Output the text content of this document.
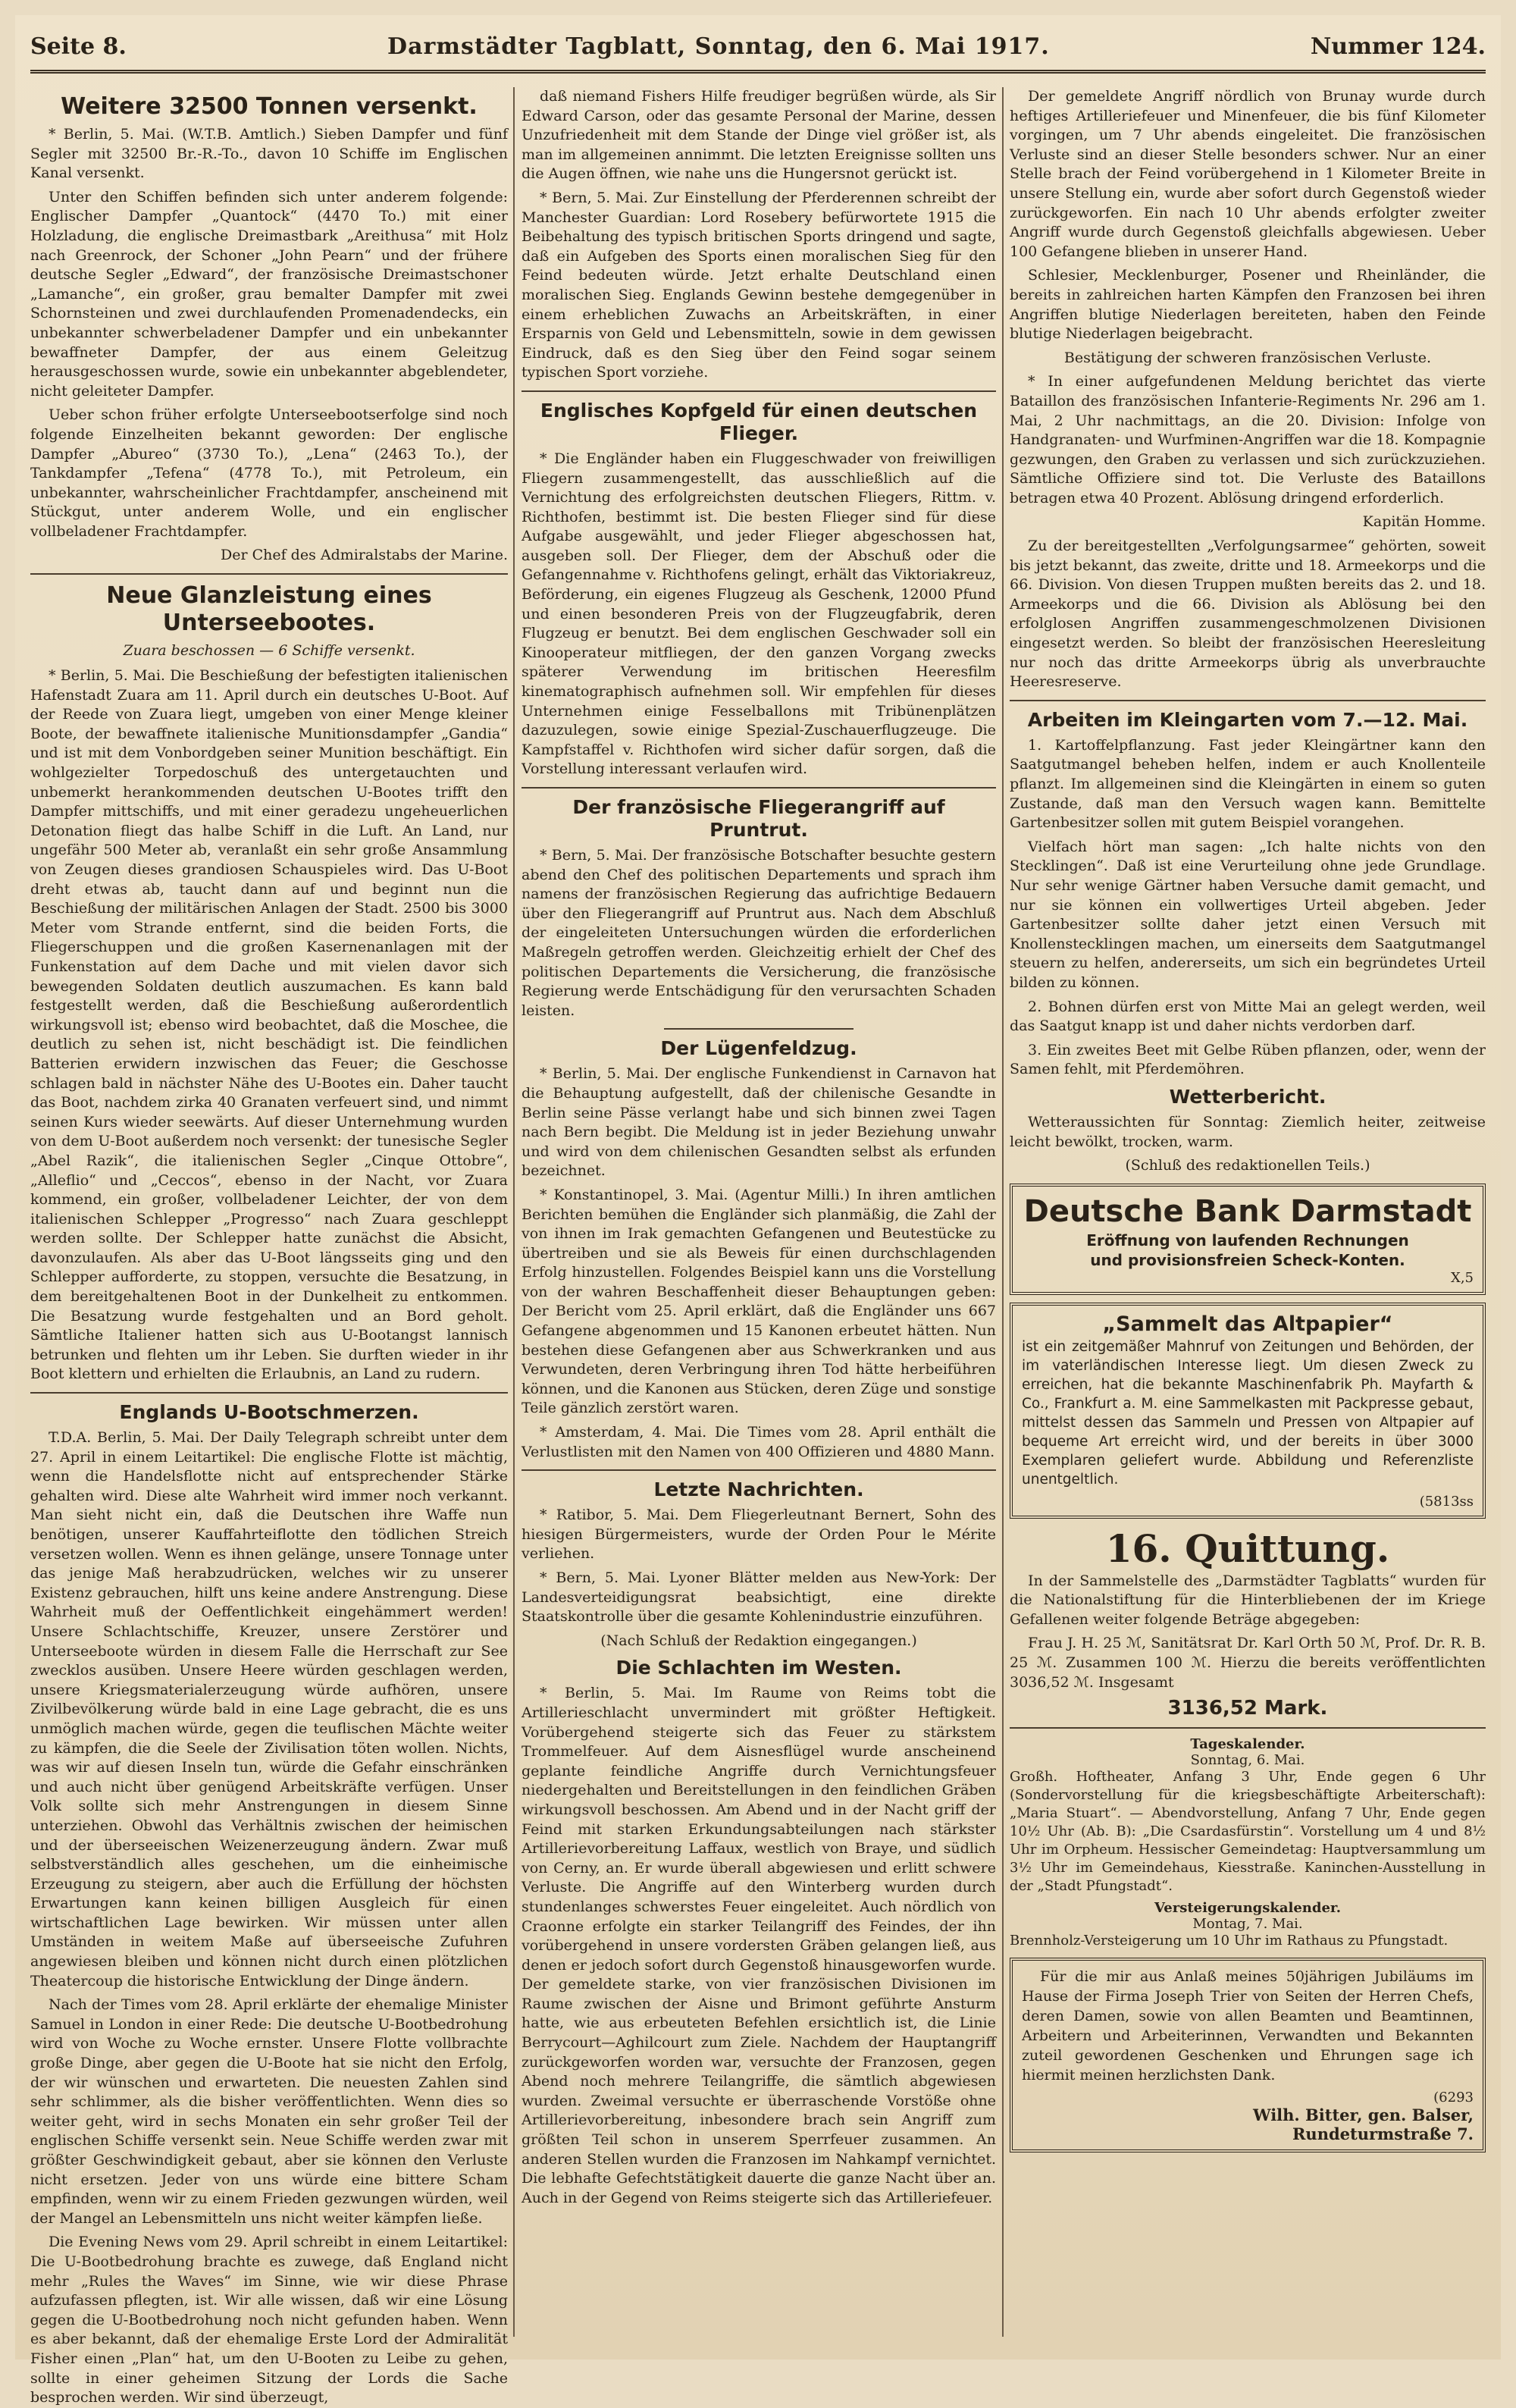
Seite 8.	Darmstädter Tagblatt, Sonntag, den 6. Mai 1917.	Nummer 124.
Weitere 32500 Tonnen versenkt.

* Berlin, 5. Mai. (W.T.B. Amtlich.) Sieben Dampfer und fünf Segler mit 32500 Br.-R.-To., davon 10 Schiffe im Englischen Kanal versenkt.

Unter den Schiffen befinden sich unter anderem folgende: Englischer Dampfer „Quantock“ (4470 To.) mit einer Holzladung, die englische Dreimastbark „Areithusa“ mit Holz nach Greenrock, der Schoner „John Pearn“ und der frühere deutsche Segler „Edward“, der französische Dreimastschoner „Lamanche“, ein großer, grau bemalter Dampfer mit zwei Schornsteinen und zwei durchlaufenden Promenadendecks, ein unbekannter schwerbeladener Dampfer und ein unbekannter bewaffneter Dampfer, der aus einem Geleitzug herausgeschossen wurde, sowie ein unbekannter abgeblendeter, nicht geleiteter Dampfer.

Ueber schon früher erfolgte Unterseebootserfolge sind noch folgende Einzelheiten bekannt geworden: Der englische Dampfer „Abureo“ (3730 To.), „Lena“ (2463 To.), der Tankdampfer „Tefena“ (4778 To.), mit Petroleum, ein unbekannter, wahrscheinlicher Frachtdampfer, anscheinend mit Stückgut, unter anderem Wolle, und ein englischer vollbeladener Frachtdampfer.

Der Chef des Admiralstabs der Marine.

Neue Glanzleistung eines Unterseebootes.
Zuara beschossen — 6 Schiffe versenkt.

* Berlin, 5. Mai. Die Beschießung der befestigten italienischen Hafenstadt Zuara am 11. April durch ein deutsches U-Boot. Auf der Reede von Zuara liegt, umgeben von einer Menge kleiner Boote, der bewaffnete italienische Munitionsdampfer „Gandia“ und ist mit dem Vonbordgeben seiner Munition beschäftigt. Ein wohlgezielter Torpedoschuß des untergetauchten und unbemerkt herankommenden deutschen U-Bootes trifft den Dampfer mittschiffs, und mit einer geradezu ungeheuerlichen Detonation fliegt das halbe Schiff in die Luft. An Land, nur ungefähr 500 Meter ab, veranlaßt ein sehr große Ansammlung von Zeugen dieses grandiosen Schauspieles wird. Das U-Boot dreht etwas ab, taucht dann auf und beginnt nun die Beschießung der militärischen Anlagen der Stadt. 2500 bis 3000 Meter vom Strande entfernt, sind die beiden Forts, die Fliegerschuppen und die großen Kasernenanlagen mit der Funkenstation auf dem Dache und mit vielen davor sich bewegenden Soldaten deutlich auszumachen. Es kann bald festgestellt werden, daß die Beschießung außerordentlich wirkungsvoll ist; ebenso wird beobachtet, daß die Moschee, die deutlich zu sehen ist, nicht beschädigt ist. Die feindlichen Batterien erwidern inzwischen das Feuer; die Geschosse schlagen bald in nächster Nähe des U-Bootes ein. Daher taucht das Boot, nachdem zirka 40 Granaten verfeuert sind, und nimmt seinen Kurs wieder seewärts. Auf dieser Unternehmung wurden von dem U-Boot außerdem noch versenkt: der tunesische Segler „Abel Razik“, die italienischen Segler „Cinque Ottobre“, „Alleflio“ und „Ceccos“, ebenso in der Nacht, vor Zuara kommend, ein großer, vollbeladener Leichter, der von dem italienischen Schlepper „Progresso“ nach Zuara geschleppt werden sollte. Der Schlepper hatte zunächst die Absicht, davonzulaufen. Als aber das U-Boot längsseits ging und den Schlepper aufforderte, zu stoppen, versuchte die Besatzung, in dem bereitgehaltenen Boot in der Dunkelheit zu entkommen. Die Besatzung wurde festgehalten und an Bord geholt. Sämtliche Italiener hatten sich aus U-Bootangst lannisch betrunken und flehten um ihr Leben. Sie durften wieder in ihr Boot klettern und erhielten die Erlaubnis, an Land zu rudern.

Englands U-Bootschmerzen.

T.D.A. Berlin, 5. Mai. Der Daily Telegraph schreibt unter dem 27. April in einem Leitartikel: Die englische Flotte ist mächtig, wenn die Handelsflotte nicht auf entsprechender Stärke gehalten wird. Diese alte Wahrheit wird immer noch verkannt. Man sieht nicht ein, daß die Deutschen ihre Waffe nun benötigen, unserer Kauffahrteiflotte den tödlichen Streich versetzen wollen. Wenn es ihnen gelänge, unsere Tonnage unter das jenige Maß herabzudrücken, welches wir zu unserer Existenz gebrauchen, hilft uns keine andere Anstrengung. Diese Wahrheit muß der Oeffentlichkeit eingehämmert werden! Unsere Schlachtschiffe, Kreuzer, unsere Zerstörer und Unterseeboote würden in diesem Falle die Herrschaft zur See zwecklos ausüben. Unsere Heere würden geschlagen werden, unsere Kriegsmaterialerzeugung würde aufhören, unsere Zivilbevölkerung würde bald in eine Lage gebracht, die es uns unmöglich machen würde, gegen die teuflischen Mächte weiter zu kämpfen, die die Seele der Zivilisation töten wollen. Nichts, was wir auf diesen Inseln tun, würde die Gefahr einschränken und auch nicht über genügend Arbeitskräfte verfügen. Unser Volk sollte sich mehr Anstrengungen in diesem Sinne unterziehen. Obwohl das Verhältnis zwischen der heimischen und der überseeischen Weizenerzeugung ändern. Zwar muß selbstverständlich alles geschehen, um die einheimische Erzeugung zu steigern, aber auch die Erfüllung der höchsten Erwartungen kann keinen billigen Ausgleich für einen wirtschaftlichen Lage bewirken. Wir müssen unter allen Umständen in weitem Maße auf überseeische Zufuhren angewiesen bleiben und können nicht durch einen plötzlichen Theatercoup die historische Entwicklung der Dinge ändern.

Nach der Times vom 28. April erklärte der ehemalige Minister Samuel in London in einer Rede: Die deutsche U-Bootbedrohung wird von Woche zu Woche ernster. Unsere Flotte vollbrachte große Dinge, aber gegen die U-Boote hat sie nicht den Erfolg, der wir wünschen und erwarteten. Die neuesten Zahlen sind sehr schlimmer, als die bisher veröffentlichten. Wenn dies so weiter geht, wird in sechs Monaten ein sehr großer Teil der englischen Schiffe versenkt sein. Neue Schiffe werden zwar mit größter Geschwindigkeit gebaut, aber sie können den Verluste nicht ersetzen. Jeder von uns würde eine bittere Scham empfinden, wenn wir zu einem Frieden gezwungen würden, weil der Mangel an Lebensmitteln uns nicht weiter kämpfen ließe.

Die Evening News vom 29. April schreibt in einem Leitartikel: Die U-Bootbedrohung brachte es zuwege, daß England nicht mehr „Rules the Waves“ im Sinne, wie wir diese Phrase aufzufassen pflegten, ist. Wir alle wissen, daß wir eine Lösung gegen die U-Bootbedrohung noch nicht gefunden haben. Wenn es aber bekannt, daß der ehemalige Erste Lord der Admiralität Fisher einen „Plan“ hat, um den U-Booten zu Leibe zu gehen, sollte in einer geheimen Sitzung der Lords die Sache besprochen werden. Wir sind überzeugt,

daß niemand Fishers Hilfe freudiger begrüßen würde, als Sir Edward Carson, oder das gesamte Personal der Marine, dessen Unzufriedenheit mit dem Stande der Dinge viel größer ist, als man im allgemeinen annimmt. Die letzten Ereignisse sollten uns die Augen öffnen, wie nahe uns die Hungersnot gerückt ist.

* Bern, 5. Mai. Zur Einstellung der Pferderennen schreibt der Manchester Guardian: Lord Rosebery befürwortete 1915 die Beibehaltung des typisch britischen Sports dringend und sagte, daß ein Aufgeben des Sports einen moralischen Sieg für den Feind bedeuten würde. Jetzt erhalte Deutschland einen moralischen Sieg. Englands Gewinn bestehe demgegenüber in einem erheblichen Zuwachs an Arbeitskräften, in einer Ersparnis von Geld und Lebensmitteln, sowie in dem gewissen Eindruck, daß es den Sieg über den Feind sogar seinem typischen Sport vorziehe.

Englisches Kopfgeld für einen deutschen Flieger.

* Die Engländer haben ein Fluggeschwader von freiwilligen Fliegern zusammengestellt, das ausschließlich auf die Vernichtung des erfolgreichsten deutschen Fliegers, Rittm. v. Richthofen, bestimmt ist. Die besten Flieger sind für diese Aufgabe ausgewählt, und jeder Flieger abgeschossen hat, ausgeben soll. Der Flieger, dem der Abschuß oder die Gefangennahme v. Richthofens gelingt, erhält das Viktoriakreuz, Beförderung, ein eigenes Flugzeug als Geschenk, 12000 Pfund und einen besonderen Preis von der Flugzeugfabrik, deren Flugzeug er benutzt. Bei dem englischen Geschwader soll ein Kinooperateur mitfliegen, der den ganzen Vorgang zwecks späterer Verwendung im britischen Heeresfilm kinematographisch aufnehmen soll. Wir empfehlen für dieses Unternehmen einige Fesselballons mit Tribünenplätzen dazuzulegen, sowie einige Spezial-Zuschauerflugzeuge. Die Kampfstaffel v. Richthofen wird sicher dafür sorgen, daß die Vorstellung interessant verlaufen wird.

Der französische Fliegerangriff auf Pruntrut.

* Bern, 5. Mai. Der französische Botschafter besuchte gestern abend den Chef des politischen Departements und sprach ihm namens der französischen Regierung das aufrichtige Bedauern über den Fliegerangriff auf Pruntrut aus. Nach dem Abschluß der eingeleiteten Untersuchungen würden die erforderlichen Maßregeln getroffen werden. Gleichzeitig erhielt der Chef des politischen Departements die Versicherung, die französische Regierung werde Entschädigung für den verursachten Schaden leisten.

Der Lügenfeldzug.

* Berlin, 5. Mai. Der englische Funkendienst in Carnavon hat die Behauptung aufgestellt, daß der chilenische Gesandte in Berlin seine Pässe verlangt habe und sich binnen zwei Tagen nach Bern begibt. Die Meldung ist in jeder Beziehung unwahr und wird von dem chilenischen Gesandten selbst als erfunden bezeichnet.

* Konstantinopel, 3. Mai. (Agentur Milli.) In ihren amtlichen Berichten bemühen die Engländer sich planmäßig, die Zahl der von ihnen im Irak gemachten Gefangenen und Beutestücke zu übertreiben und sie als Beweis für einen durchschlagenden Erfolg hinzustellen. Folgendes Beispiel kann uns die Vorstellung von der wahren Beschaffenheit dieser Behauptungen geben: Der Bericht vom 25. April erklärt, daß die Engländer uns 667 Gefangene abgenommen und 15 Kanonen erbeutet hätten. Nun bestehen diese Gefangenen aber aus Schwerkranken und aus Verwundeten, deren Verbringung ihren Tod hätte herbeiführen können, und die Kanonen aus Stücken, deren Züge und sonstige Teile gänzlich zerstört waren.

* Amsterdam, 4. Mai. Die Times vom 28. April enthält die Verlustlisten mit den Namen von 400 Offizieren und 4880 Mann.

Letzte Nachrichten.

* Ratibor, 5. Mai. Dem Fliegerleutnant Bernert, Sohn des hiesigen Bürgermeisters, wurde der Orden Pour le Mérite verliehen.

* Bern, 5. Mai. Lyoner Blätter melden aus New-York: Der Landesverteidigungsrat beabsichtigt, eine direkte Staatskontrolle über die gesamte Kohlenindustrie einzuführen.

(Nach Schluß der Redaktion eingegangen.)

Die Schlachten im Westen.

* Berlin, 5. Mai. Im Raume von Reims tobt die Artillerieschlacht unvermindert mit größter Heftigkeit. Vorübergehend steigerte sich das Feuer zu stärkstem Trommelfeuer. Auf dem Aisnesflügel wurde anscheinend geplante feindliche Angriffe durch Vernichtungsfeuer niedergehalten und Bereitstellungen in den feindlichen Gräben wirkungsvoll beschossen. Am Abend und in der Nacht griff der Feind mit starken Erkundungsabteilungen nach stärkster Artillerievorbereitung Laffaux, westlich von Braye, und südlich von Cerny, an. Er wurde überall abgewiesen und erlitt schwere Verluste. Die Angriffe auf den Winterberg wurden durch stundenlanges schwerstes Feuer eingeleitet. Auch nördlich von Craonne erfolgte ein starker Teilangriff des Feindes, der ihn vorübergehend in unsere vordersten Gräben gelangen ließ, aus denen er jedoch sofort durch Gegenstoß hinausgeworfen wurde. Der gemeldete starke, von vier französischen Divisionen im Raume zwischen der Aisne und Brimont geführte Ansturm hatte, wie aus erbeuteten Befehlen ersichtlich ist, die Linie Berrycourt—Aghilcourt zum Ziele. Nachdem der Hauptangriff zurückgeworfen worden war, versuchte der Franzosen, gegen Abend noch mehrere Teilangriffe, die sämtlich abgewiesen wurden. Zweimal versuchte er überraschende Vorstöße ohne Artillerievorbereitung, inbesondere brach sein Angriff zum größten Teil schon in unserem Sperrfeuer zusammen. An anderen Stellen wurden die Franzosen im Nahkampf vernichtet. Die lebhafte Gefechtstätigkeit dauerte die ganze Nacht über an. Auch in der Gegend von Reims steigerte sich das Artilleriefeuer.

Der gemeldete Angriff nördlich von Brunay wurde durch heftiges Artilleriefeuer und Minenfeuer, die bis fünf Kilometer vorgingen, um 7 Uhr abends eingeleitet. Die französischen Verluste sind an dieser Stelle besonders schwer. Nur an einer Stelle brach der Feind vorübergehend in 1 Kilometer Breite in unsere Stellung ein, wurde aber sofort durch Gegenstoß wieder zurückgeworfen. Ein nach 10 Uhr abends erfolgter zweiter Angriff wurde durch Gegenstoß gleichfalls abgewiesen. Ueber 100 Gefangene blieben in unserer Hand.

Schlesier, Mecklenburger, Posener und Rheinländer, die bereits in zahlreichen harten Kämpfen den Franzosen bei ihren Angriffen blutige Niederlagen bereiteten, haben den Feinde blutige Niederlagen beigebracht.

Bestätigung der schweren französischen Verluste.

* In einer aufgefundenen Meldung berichtet das vierte Bataillon des französischen Infanterie-Regiments Nr. 296 am 1. Mai, 2 Uhr nachmittags, an die 20. Division: Infolge von Handgranaten- und Wurfminen-Angriffen war die 18. Kompagnie gezwungen, den Graben zu verlassen und sich zurückzuziehen. Sämtliche Offiziere sind tot. Die Verluste des Bataillons betragen etwa 40 Prozent. Ablösung dringend erforderlich.

Kapitän Homme.

Zu der bereitgestellten „Verfolgungsarmee“ gehörten, soweit bis jetzt bekannt, das zweite, dritte und 18. Armeekorps und die 66. Division. Von diesen Truppen mußten bereits das 2. und 18. Armeekorps und die 66. Division als Ablösung bei den erfolglosen Angriffen zusammengeschmolzenen Divisionen eingesetzt werden. So bleibt der französischen Heeresleitung nur noch das dritte Armeekorps übrig als unverbrauchte Heeresreserve.

Arbeiten im Kleingarten vom 7.—12. Mai.

1. Kartoffelpflanzung. Fast jeder Kleingärtner kann den Saatgutmangel beheben helfen, indem er auch Knollenteile pflanzt. Im allgemeinen sind die Kleingärten in einem so guten Zustande, daß man den Versuch wagen kann. Bemittelte Gartenbesitzer sollen mit gutem Beispiel vorangehen.

Vielfach hört man sagen: „Ich halte nichts von den Stecklingen“. Daß ist eine Verurteilung ohne jede Grundlage. Nur sehr wenige Gärtner haben Versuche damit gemacht, und nur sie können ein vollwertiges Urteil abgeben. Jeder Gartenbesitzer sollte daher jetzt einen Versuch mit Knollenstecklingen machen, um einerseits dem Saatgutmangel steuern zu helfen, andererseits, um sich ein begründetes Urteil bilden zu können.

2. Bohnen dürfen erst von Mitte Mai an gelegt werden, weil das Saatgut knapp ist und daher nichts verdorben darf.

3. Ein zweites Beet mit Gelbe Rüben pflanzen, oder, wenn der Samen fehlt, mit Pferdemöhren.

Wetterbericht.

Wetteraussichten für Sonntag: Ziemlich heiter, zeitweise leicht bewölkt, trocken, warm.

(Schluß des redaktionellen Teils.)

Deutsche Bank Darmstadt
Eröffnung von laufenden Rechnungen
und provisionsfreien Scheck-Konten.
X,5
„Sammelt das Altpapier“

ist ein zeitgemäßer Mahnruf von Zeitungen und Behörden, der im vaterländischen Interesse liegt. Um diesen Zweck zu erreichen, hat die bekannte Maschinenfabrik Ph. Mayfarth & Co., Frankfurt a. M. eine Sammelkasten mit Packpresse gebaut, mittelst dessen das Sammeln und Pressen von Altpapier auf bequeme Art erreicht wird, und der bereits in über 3000 Exemplaren geliefert wurde. Abbildung und Referenzliste unentgeltlich.

(5813ss
16. Quittung.

In der Sammelstelle des „Darmstädter Tagblatts“ wurden für die Nationalstiftung für die Hinterbliebenen der im Kriege Gefallenen weiter folgende Beträge abgegeben:

Frau J. H. 25 ℳ, Sanitätsrat Dr. Karl Orth 50 ℳ, Prof. Dr. R. B. 25 ℳ. Zusammen 100 ℳ. Hierzu die bereits veröffentlichten 3036,52 ℳ. Insgesamt

3136,52 Mark.
Tageskalender.
Sonntag, 6. Mai.

Großh. Hoftheater, Anfang 3 Uhr, Ende gegen 6 Uhr (Sondervorstellung für die kriegsbeschäftigte Arbeiterschaft): „Maria Stuart“. — Abendvorstellung, Anfang 7 Uhr, Ende gegen 10½ Uhr (Ab. B): „Die Csardasfürstin“. Vorstellung um 4 und 8½ Uhr im Orpheum. Hessischer Gemeindetag: Hauptversammlung um 3½ Uhr im Gemeindehaus, Kiesstraße. Kaninchen-Ausstellung in der „Stadt Pfungstadt“.

Versteigerungskalender.
Montag, 7. Mai.

Brennholz-Versteigerung um 10 Uhr im Rathaus zu Pfungstadt.

Für die mir aus Anlaß meines 50jährigen Jubiläums im Hause der Firma Joseph Trier von Seiten der Herren Chefs, deren Damen, sowie von allen Beamten und Beamtinnen, Arbeitern und Arbeiterinnen, Verwandten und Bekannten zuteil gewordenen Geschenken und Ehrungen sage ich hiermit meinen herzlichsten Dank.

(6293
Wilh. Bitter, gen. Balser,
Rundeturmstraße 7.
